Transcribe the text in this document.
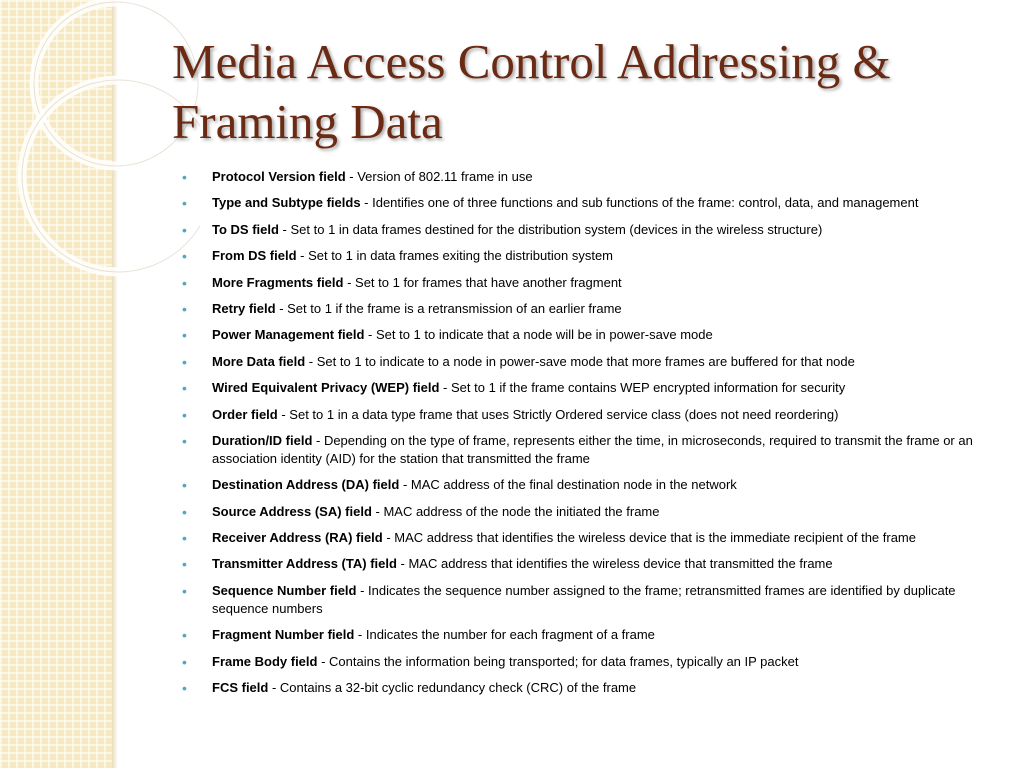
Media Access Control Addressing & Framing Data
• Protocol Version field - Version of 802.11 frame in use
• Type and Subtype fields - Identifies one of three functions and sub functions of the frame: control, data, and management
• To DS field - Set to 1 in data frames destined for the distribution system (devices in the wireless structure)
• From DS field - Set to 1 in data frames exiting the distribution system
• More Fragments field - Set to 1 for frames that have another fragment
• Retry field - Set to 1 if the frame is a retransmission of an earlier frame
• Power Management field - Set to 1 to indicate that a node will be in power-save mode
• More Data field - Set to 1 to indicate to a node in power-save mode that more frames are buffered for that node
• Wired Equivalent Privacy (WEP) field - Set to 1 if the frame contains WEP encrypted information for security
• Order field - Set to 1 in a data type frame that uses Strictly Ordered service class (does not need reordering)
• Duration/ID field - Depending on the type of frame, represents either the time, in microseconds, required to transmit the frame or an association identity (AID) for the station that transmitted the frame
• Destination Address (DA) field - MAC address of the final destination node in the network
• Source Address (SA) field - MAC address of the node the initiated the frame
• Receiver Address (RA) field - MAC address that identifies the wireless device that is the immediate recipient of the frame
• Transmitter Address (TA) field - MAC address that identifies the wireless device that transmitted the frame
• Sequence Number field - Indicates the sequence number assigned to the frame; retransmitted frames are identified by duplicate sequence numbers
• Fragment Number field - Indicates the number for each fragment of a frame
• Frame Body field - Contains the information being transported; for data frames, typically an IP packet
• FCS field - Contains a 32-bit cyclic redundancy check (CRC) of the frame
